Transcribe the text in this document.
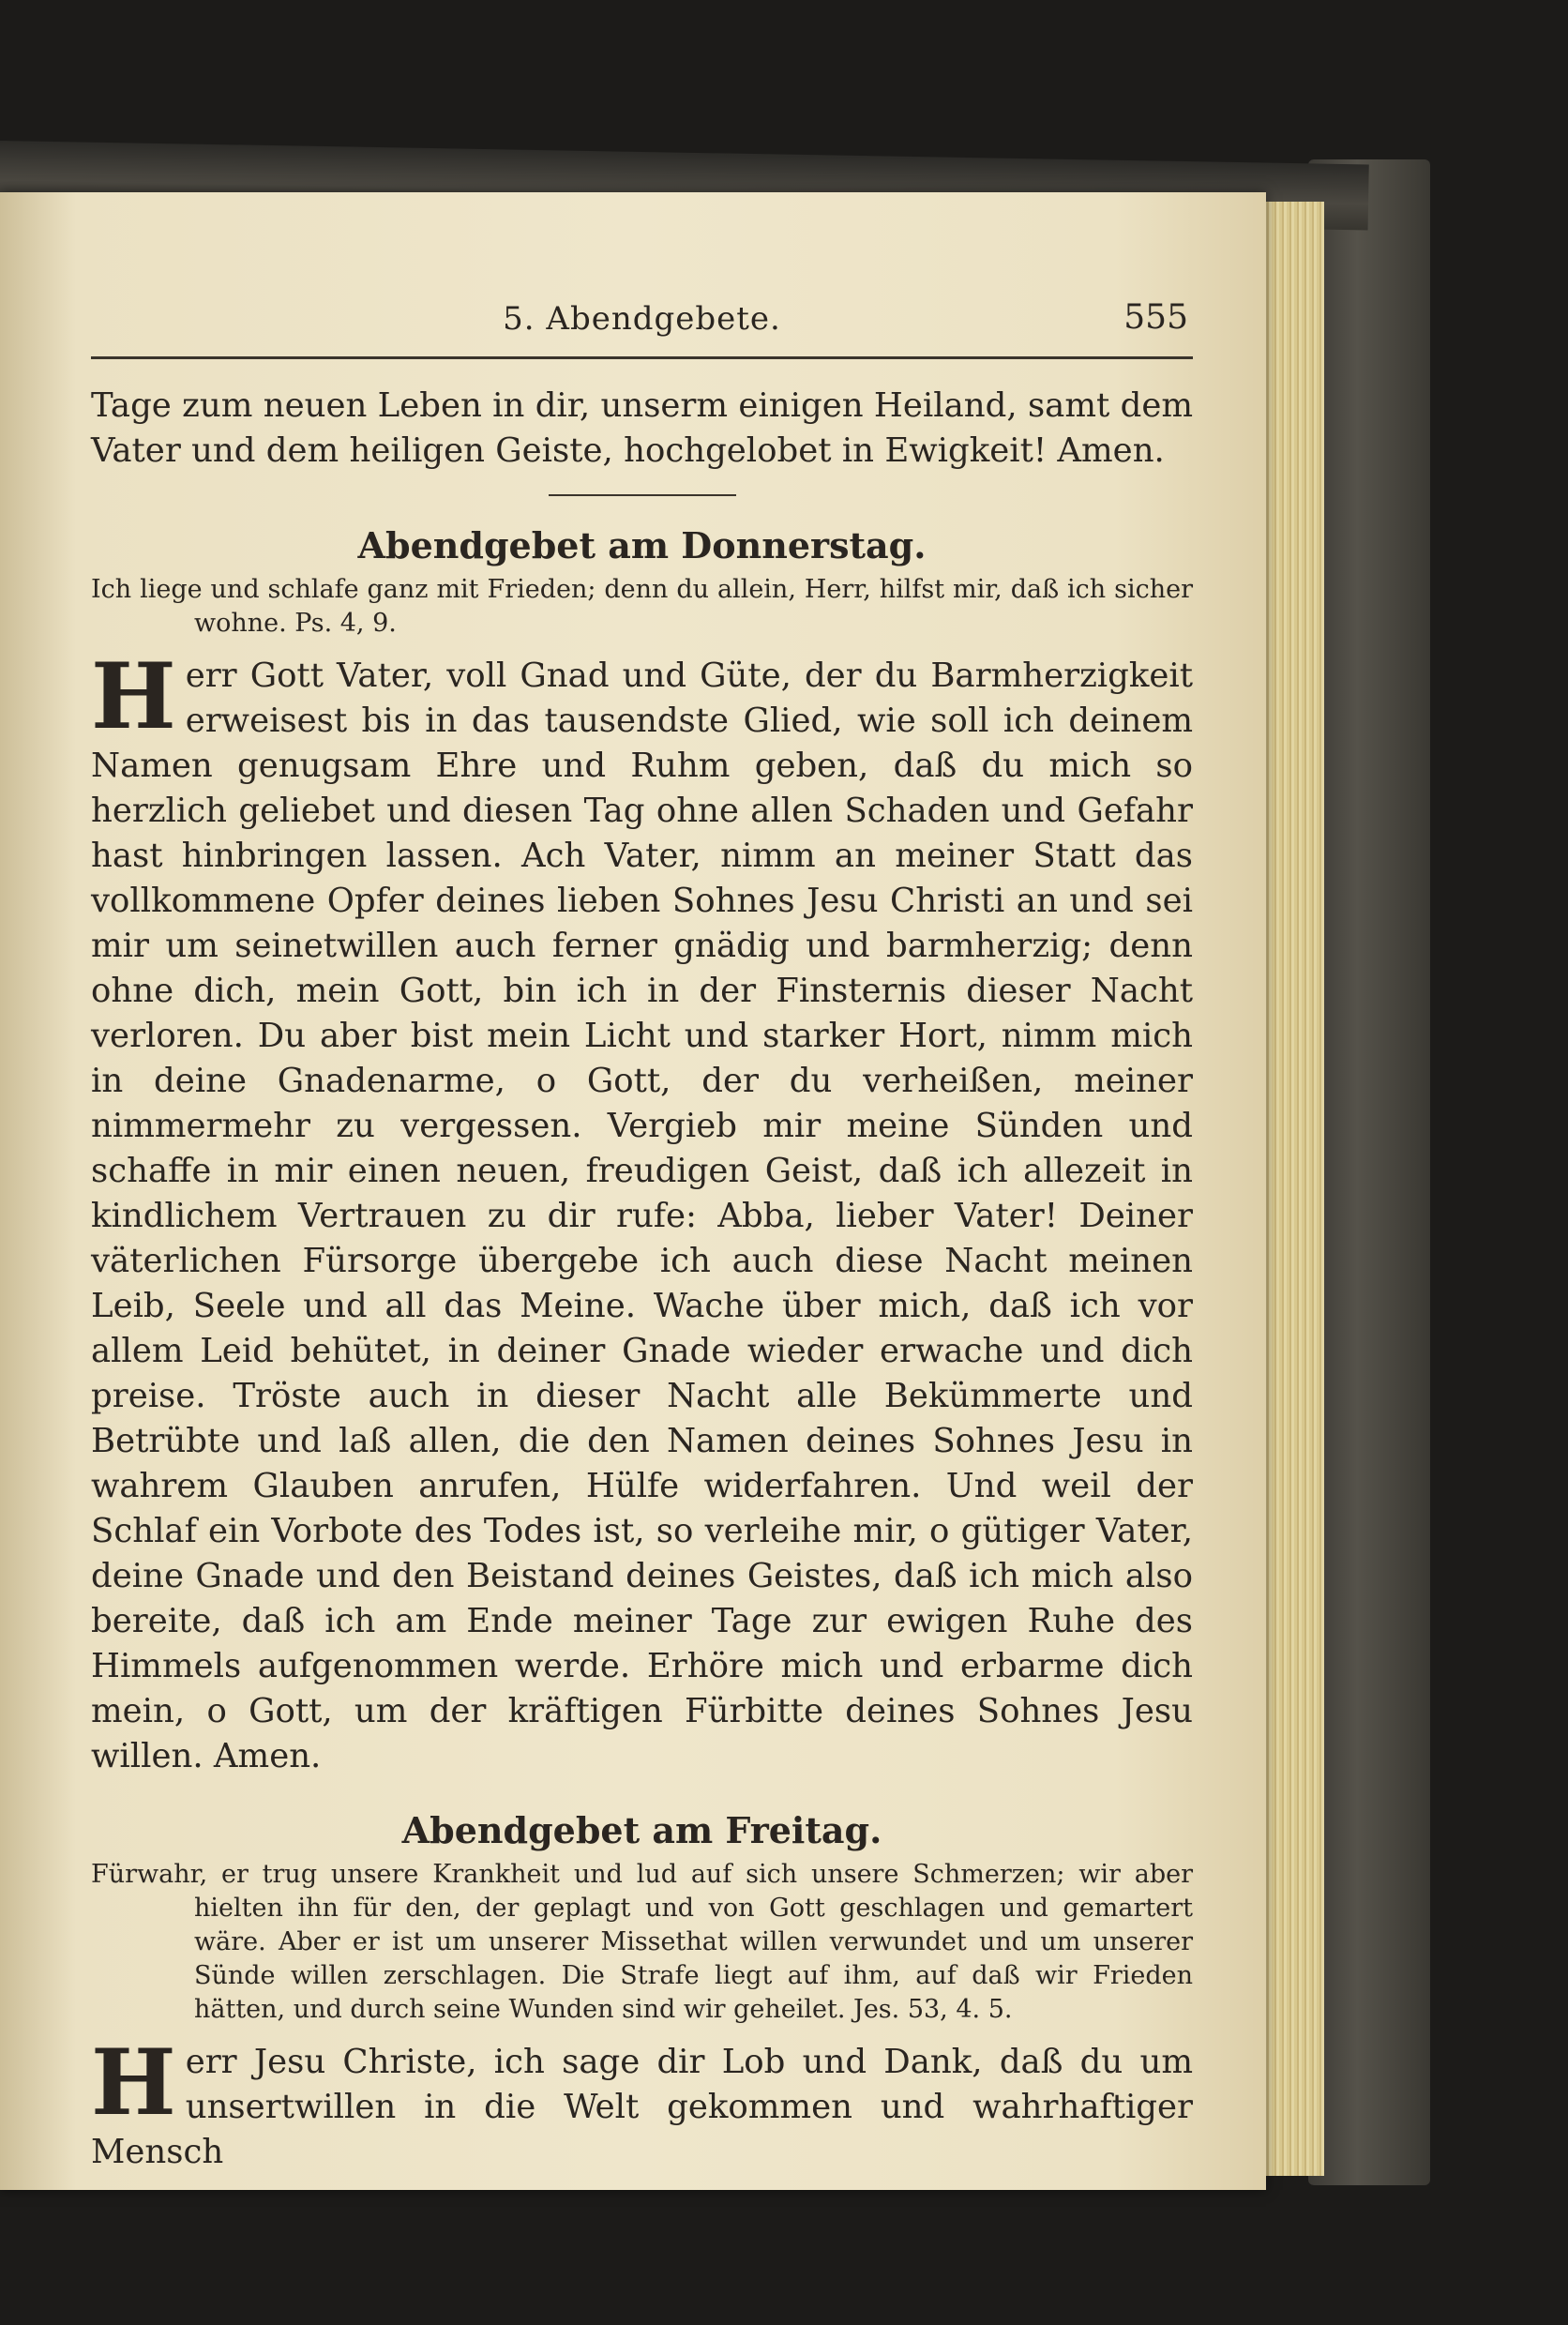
5. Abendgebete.	555

Tage zum neuen Leben in dir, unserm einigen Heiland, samt dem Vater und dem heiligen Geiste, hochgelobet in Ewigkeit! Amen.

Abendgebet am Donnerstag.

Ich liege und schlafe ganz mit Frieden; denn du allein, Herr, hilfst mir, daß ich sicher wohne. Ps. 4, 9.

H err Gott Vater, voll Gnad und Güte, der du Barmherzigkeit erweisest bis in das tausendste Glied, wie soll ich deinem Namen genugsam Ehre und Ruhm geben, daß du mich so herzlich geliebet und diesen Tag ohne allen Schaden und Gefahr hast hinbringen lassen. Ach Vater, nimm an meiner Statt das vollkommene Opfer deines lieben Sohnes Jesu Christi an und sei mir um seinetwillen auch ferner gnädig und barmherzig; denn ohne dich, mein Gott, bin ich in der Finsternis dieser Nacht verloren. Du aber bist mein Licht und starker Hort, nimm mich in deine Gnadenarme, o Gott, der du verheißen, meiner nimmermehr zu vergessen. Vergieb mir meine Sünden und schaffe in mir einen neuen, freudigen Geist, daß ich allezeit in kindlichem Vertrauen zu dir rufe: Abba, lieber Vater! Deiner väterlichen Fürsorge übergebe ich auch diese Nacht meinen Leib, Seele und all das Meine. Wache über mich, daß ich vor allem Leid behütet, in deiner Gnade wieder erwache und dich preise. Tröste auch in dieser Nacht alle Bekümmerte und Betrübte und laß allen, die den Namen deines Sohnes Jesu in wahrem Glauben anrufen, Hülfe widerfahren. Und weil der Schlaf ein Vorbote des Todes ist, so verleihe mir, o gütiger Vater, deine Gnade und den Beistand deines Geistes, daß ich mich also bereite, daß ich am Ende meiner Tage zur ewigen Ruhe des Himmels aufgenommen werde. Erhöre mich und erbarme dich mein, o Gott, um der kräftigen Fürbitte deines Sohnes Jesu willen. Amen.

Abendgebet am Freitag.

Fürwahr, er trug unsere Krankheit und lud auf sich unsere Schmerzen; wir aber hielten ihn für den, der geplagt und von Gott geschlagen und gemartert wäre. Aber er ist um unserer Missethat willen verwundet und um unserer Sünde willen zerschlagen. Die Strafe liegt auf ihm, auf daß wir Frieden hätten, und durch seine Wunden sind wir geheilet. Jes. 53, 4. 5.

H err Jesu Christe, ich sage dir Lob und Dank, daß du um unsertwillen in die Welt gekommen und wahrhaftiger Mensch
